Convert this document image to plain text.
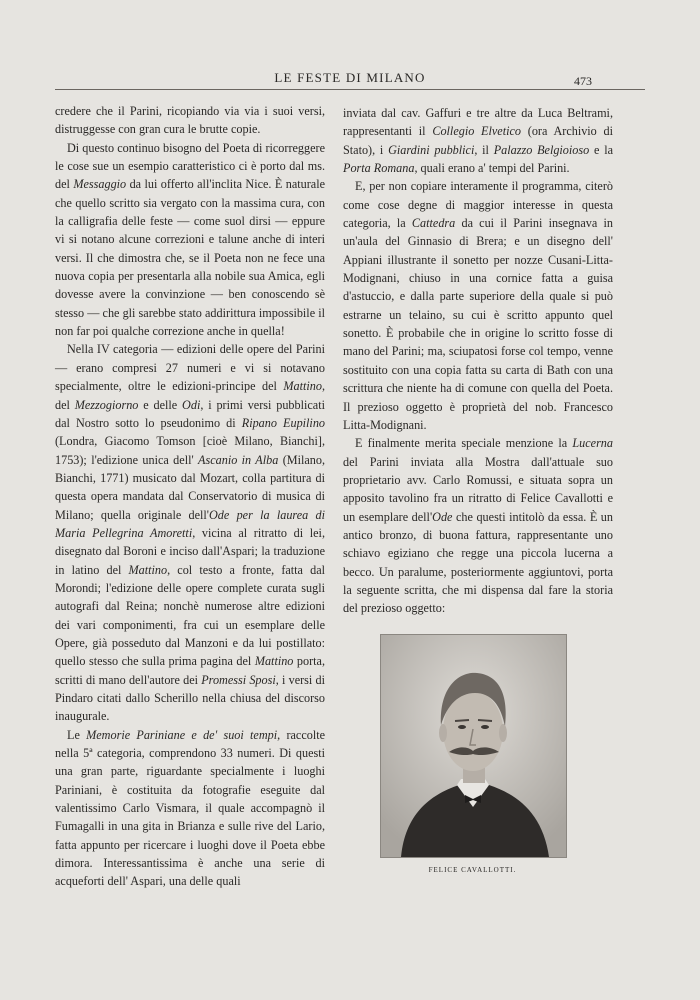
LE FESTE DI MILANO	473

credere che il Parini, ricopiando via via i suoi versi, distruggesse con gran cura le brutte copie.

Di questo continuo bisogno del Poeta di ricorreggere le cose sue un esempio caratteristico ci è porto dal ms. del Messaggio da lui offerto all'inclita Nice. È naturale che quello scritto sia vergato con la massima cura, con la calligrafia delle feste — come suol dirsi — eppure vi si notano alcune correzioni e talune anche di interi versi. Il che dimostra che, se il Poeta non ne fece una nuova copia per presentarla alla nobile sua Amica, egli dovesse avere la convinzione — ben conoscendo sè stesso — che gli sarebbe stato addirittura impossibile il non far poi qualche correzione anche in quella!

Nella IV categoria — edizioni delle opere del Parini — erano compresi 27 numeri e vi si notavano specialmente, oltre le edizioni-principe del Mattino, del Mezzogiorno e delle Odi, i primi versi pubblicati dal Nostro sotto lo pseudonimo di Ripano Eupilino (Londra, Giacomo Tomson [cioè Milano, Bianchi], 1753); l'edizione unica dell' Ascanio in Alba (Milano, Bianchi, 1771) musicato dal Mozart, colla partitura di questa opera mandata dal Conservatorio di musica di Milano; quella originale dell'Ode per la laurea di Maria Pellegrina Amoretti, vicina al ritratto di lei, disegnato dal Boroni e inciso dall'Aspari; la traduzione in latino del Mattino, col testo a fronte, fatta dal Morondi; l'edizione delle opere complete curata sugli autografi dal Reina; nonchè numerose altre edizioni dei vari componimenti, fra cui un esemplare delle Opere, già posseduto dal Manzoni e da lui postillato: quello stesso che sulla prima pagina del Mattino porta, scritti di mano dell'autore dei Promessi Sposi, i versi di Pindaro citati dallo Scherillo nella chiusa del discorso inaugurale.

Le Memorie Pariniane e de' suoi tempi, raccolte nella 5ª categoria, comprendono 33 numeri. Di questi una gran parte, riguardante specialmente i luoghi Pariniani, è costituita da fotografie eseguite dal valentissimo Carlo Vismara, il quale accompagnò il Fumagalli in una gita in Brianza e sulle rive del Lario, fatta appunto per ricercare i luoghi dove il Poeta ebbe dimora. Interessantissima è anche una serie di acqueforti dell' Aspari, una delle quali

inviata dal cav. Gaffuri e tre altre da Luca Beltrami, rappresentanti il Collegio Elvetico (ora Archivio di Stato), i Giardini pubblici, il Palazzo Belgioioso e la Porta Romana, quali erano a' tempi del Parini.

E, per non copiare interamente il programma, citerò come cose degne di maggior interesse in questa categoria, la Cattedra da cui il Parini insegnava in un'aula del Ginnasio di Brera; e un disegno dell' Appiani illustrante il sonetto per nozze Cusani-Litta-Modignani, chiuso in una cornice fatta a guisa d'astuccio, e dalla parte superiore della quale si può estrarne un telaino, su cui è scritto appunto quel sonetto. È probabile che in origine lo scritto fosse di mano del Parini; ma, sciupatosi forse col tempo, venne sostituito con una copia fatta su carta di Bath con una scrittura che niente ha di comune con quella del Poeta. Il prezioso oggetto è proprietà del nob. Francesco Litta-Modignani.

E finalmente merita speciale menzione la Lucerna del Parini inviata alla Mostra dall'attuale suo proprietario avv. Carlo Romussi, e situata sopra un apposito tavolino fra un ritratto di Felice Cavallotti e un esemplare dell'Ode che questi intitolò da essa. È un antico bronzo, di buona fattura, rappresentante uno schiavo egiziano che regge una piccola lucerna a becco. Un paralume, posteriormente aggiuntovi, porta la seguente scritta, che mi dispensa dal fare la storia del prezioso oggetto:

FELICE CAVALLOTTI.
